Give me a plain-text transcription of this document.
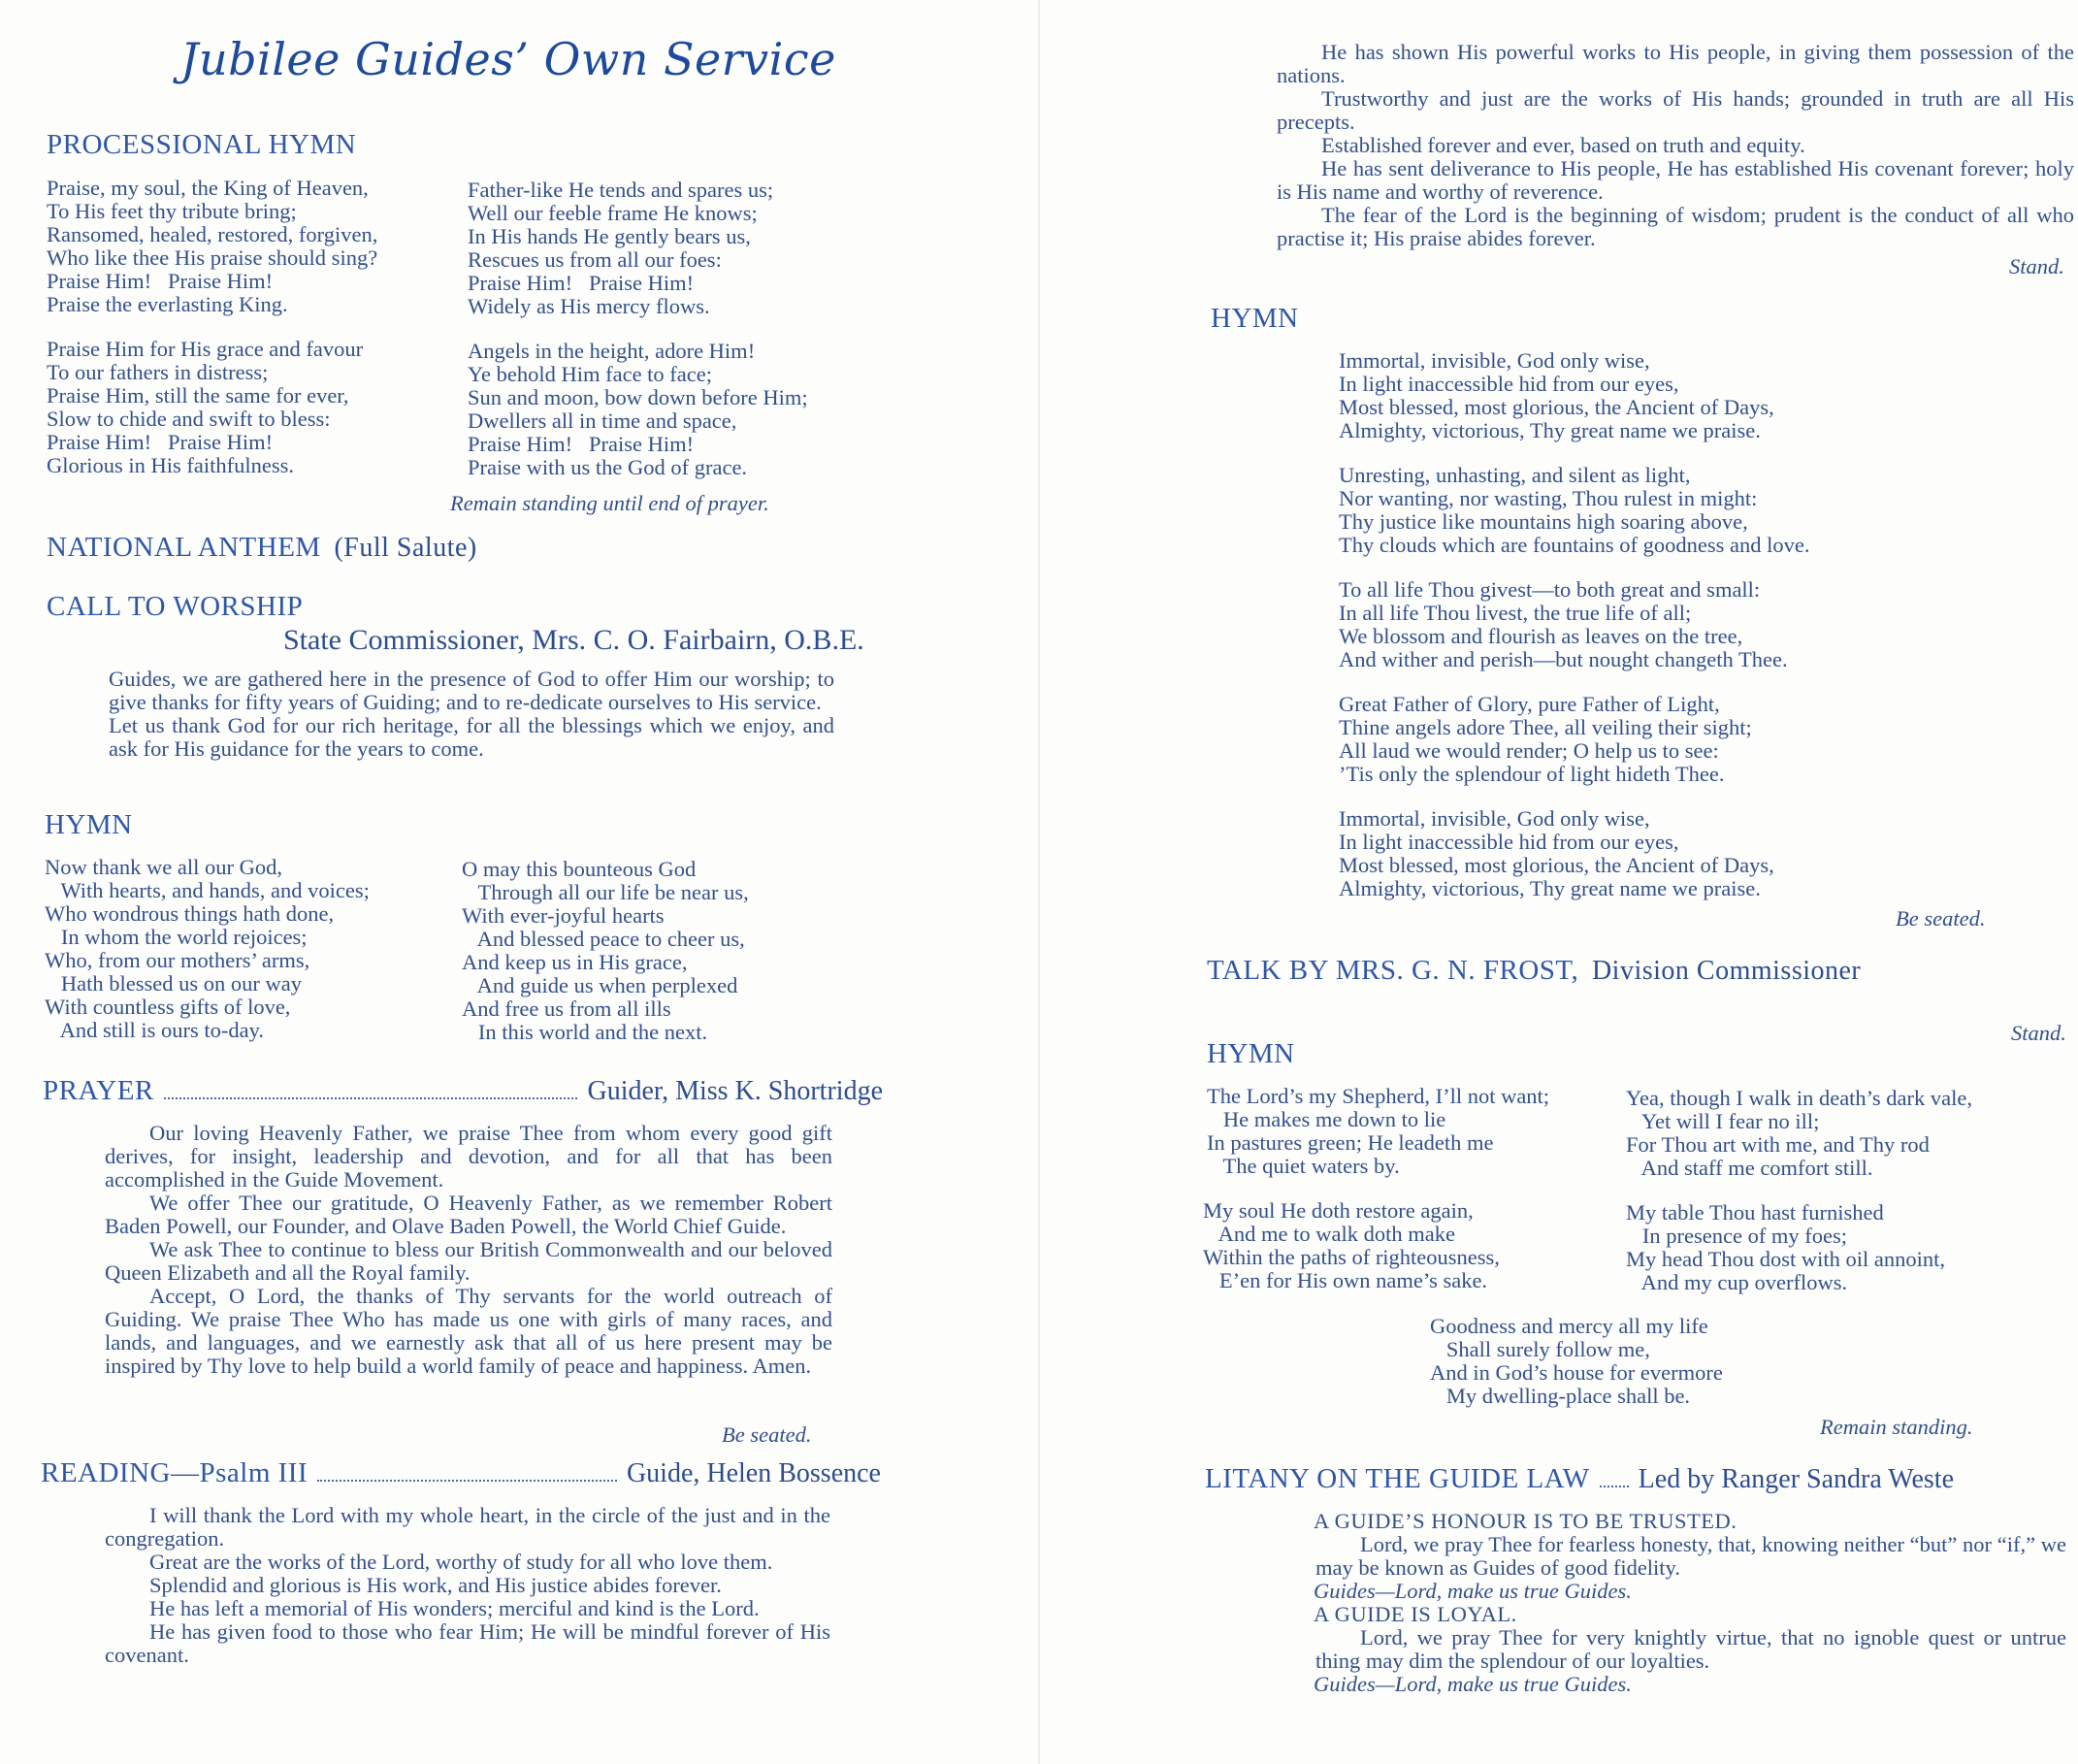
Jubilee Guides’ Own Service
PROCESSIONAL HYMN
Praise, my soul, the King of Heaven,
To His feet thy tribute bring;
Ransomed, healed, restored, forgiven,
Who like thee His praise should sing?
Praise Him!   Praise Him!
Praise the everlasting King.
Father-like He tends and spares us;
Well our feeble frame He knows;
In His hands He gently bears us,
Rescues us from all our foes:
Praise Him!   Praise Him!
Widely as His mercy flows.
Praise Him for His grace and favour
To our fathers in distress;
Praise Him, still the same for ever,
Slow to chide and swift to bless:
Praise Him!   Praise Him!
Glorious in His faithfulness.
Angels in the height, adore Him!
Ye behold Him face to face;
Sun and moon, bow down before Him;
Dwellers all in time and space,
Praise Him!   Praise Him!
Praise with us the God of grace.
Remain standing until end of prayer.
NATIONAL ANTHEM (Full Salute)
CALL TO WORSHIP
State Commissioner, Mrs. C. O. Fairbairn, O.B.E.

Guides, we are gathered here in the presence of God to offer Him our worship; to give thanks for fifty years of Guiding; and to re-dedicate ourselves to His service.

Let us thank God for our rich heritage, for all the blessings which we enjoy, and ask for His guidance for the years to come.

HYMN
Now thank we all our God,
With hearts, and hands, and voices;
Who wondrous things hath done,
In whom the world rejoices;
Who, from our mothers’ arms,
Hath blessed us on our way
With countless gifts of love,
And still is ours to-day.
O may this bounteous God
Through all our life be near us,
With ever-joyful hearts
And blessed peace to cheer us,
And keep us in His grace,
And guide us when perplexed
And free us from all ills
In this world and the next.
PRAYER	Guider, Miss K. Shortridge

Our loving Heavenly Father, we praise Thee from whom every good gift derives, for insight, leadership and devotion, and for all that has been accomplished in the Guide Movement.

We offer Thee our gratitude, O Heavenly Father, as we remember Robert Baden Powell, our Founder, and Olave Baden Powell, the World Chief Guide.

We ask Thee to continue to bless our British Commonwealth and our beloved Queen Elizabeth and all the Royal family.

Accept, O Lord, the thanks of Thy servants for the world outreach of Guiding. We praise Thee Who has made us one with girls of many races, and lands, and languages, and we earnestly ask that all of us here present may be inspired by Thy love to help build a world family of peace and happiness. Amen.

Be seated.
READING—Psalm III	Guide, Helen Bossence

I will thank the Lord with my whole heart, in the circle of the just and in the congregation.

Great are the works of the Lord, worthy of study for all who love them.

Splendid and glorious is His work, and His justice abides forever.

He has left a memorial of His wonders; merciful and kind is the Lord.

He has given food to those who fear Him; He will be mindful forever of His covenant.

He has shown His powerful works to His people, in giving them possession of the nations.

Trustworthy and just are the works of His hands; grounded in truth are all His precepts.

Established forever and ever, based on truth and equity.

He has sent deliverance to His people, He has established His covenant forever; holy is His name and worthy of reverence.

The fear of the Lord is the beginning of wisdom; prudent is the conduct of all who practise it; His praise abides forever.

Stand.
HYMN
Immortal, invisible, God only wise,
In light inaccessible hid from our eyes,
Most blessed, most glorious, the Ancient of Days,
Almighty, victorious, Thy great name we praise.
Unresting, unhasting, and silent as light,
Nor wanting, nor wasting, Thou rulest in might:
Thy justice like mountains high soaring above,
Thy clouds which are fountains of goodness and love.
To all life Thou givest—to both great and small:
In all life Thou livest, the true life of all;
We blossom and flourish as leaves on the tree,
And wither and perish—but nought changeth Thee.
Great Father of Glory, pure Father of Light,
Thine angels adore Thee, all veiling their sight;
All laud we would render; O help us to see:
’Tis only the splendour of light hideth Thee.
Immortal, invisible, God only wise,
In light inaccessible hid from our eyes,
Most blessed, most glorious, the Ancient of Days,
Almighty, victorious, Thy great name we praise.
Be seated.
TALK BY MRS. G. N. FROST, Division Commissioner
Stand.
HYMN
The Lord’s my Shepherd, I’ll not want;
He makes me down to lie
In pastures green; He leadeth me
The quiet waters by.
Yea, though I walk in death’s dark vale,
Yet will I fear no ill;
For Thou art with me, and Thy rod
And staff me comfort still.
My soul He doth restore again,
And me to walk doth make
Within the paths of righteousness,
E’en for His own name’s sake.
My table Thou hast furnished
In presence of my foes;
My head Thou dost with oil annoint,
And my cup overflows.
Goodness and mercy all my life
Shall surely follow me,
And in God’s house for evermore
My dwelling-place shall be.
Remain standing.
LITANY ON THE GUIDE LAW Led by Ranger Sandra Weste

A GUIDE’S HONOUR IS TO BE TRUSTED.

Lord, we pray Thee for fearless honesty, that, knowing neither “but” nor “if,” we may be known as Guides of good fidelity.

Guides—Lord, make us true Guides.

A GUIDE IS LOYAL.

Lord, we pray Thee for very knightly virtue, that no ignoble quest or untrue thing may dim the splendour of our loyalties.

Guides—Lord, make us true Guides.
